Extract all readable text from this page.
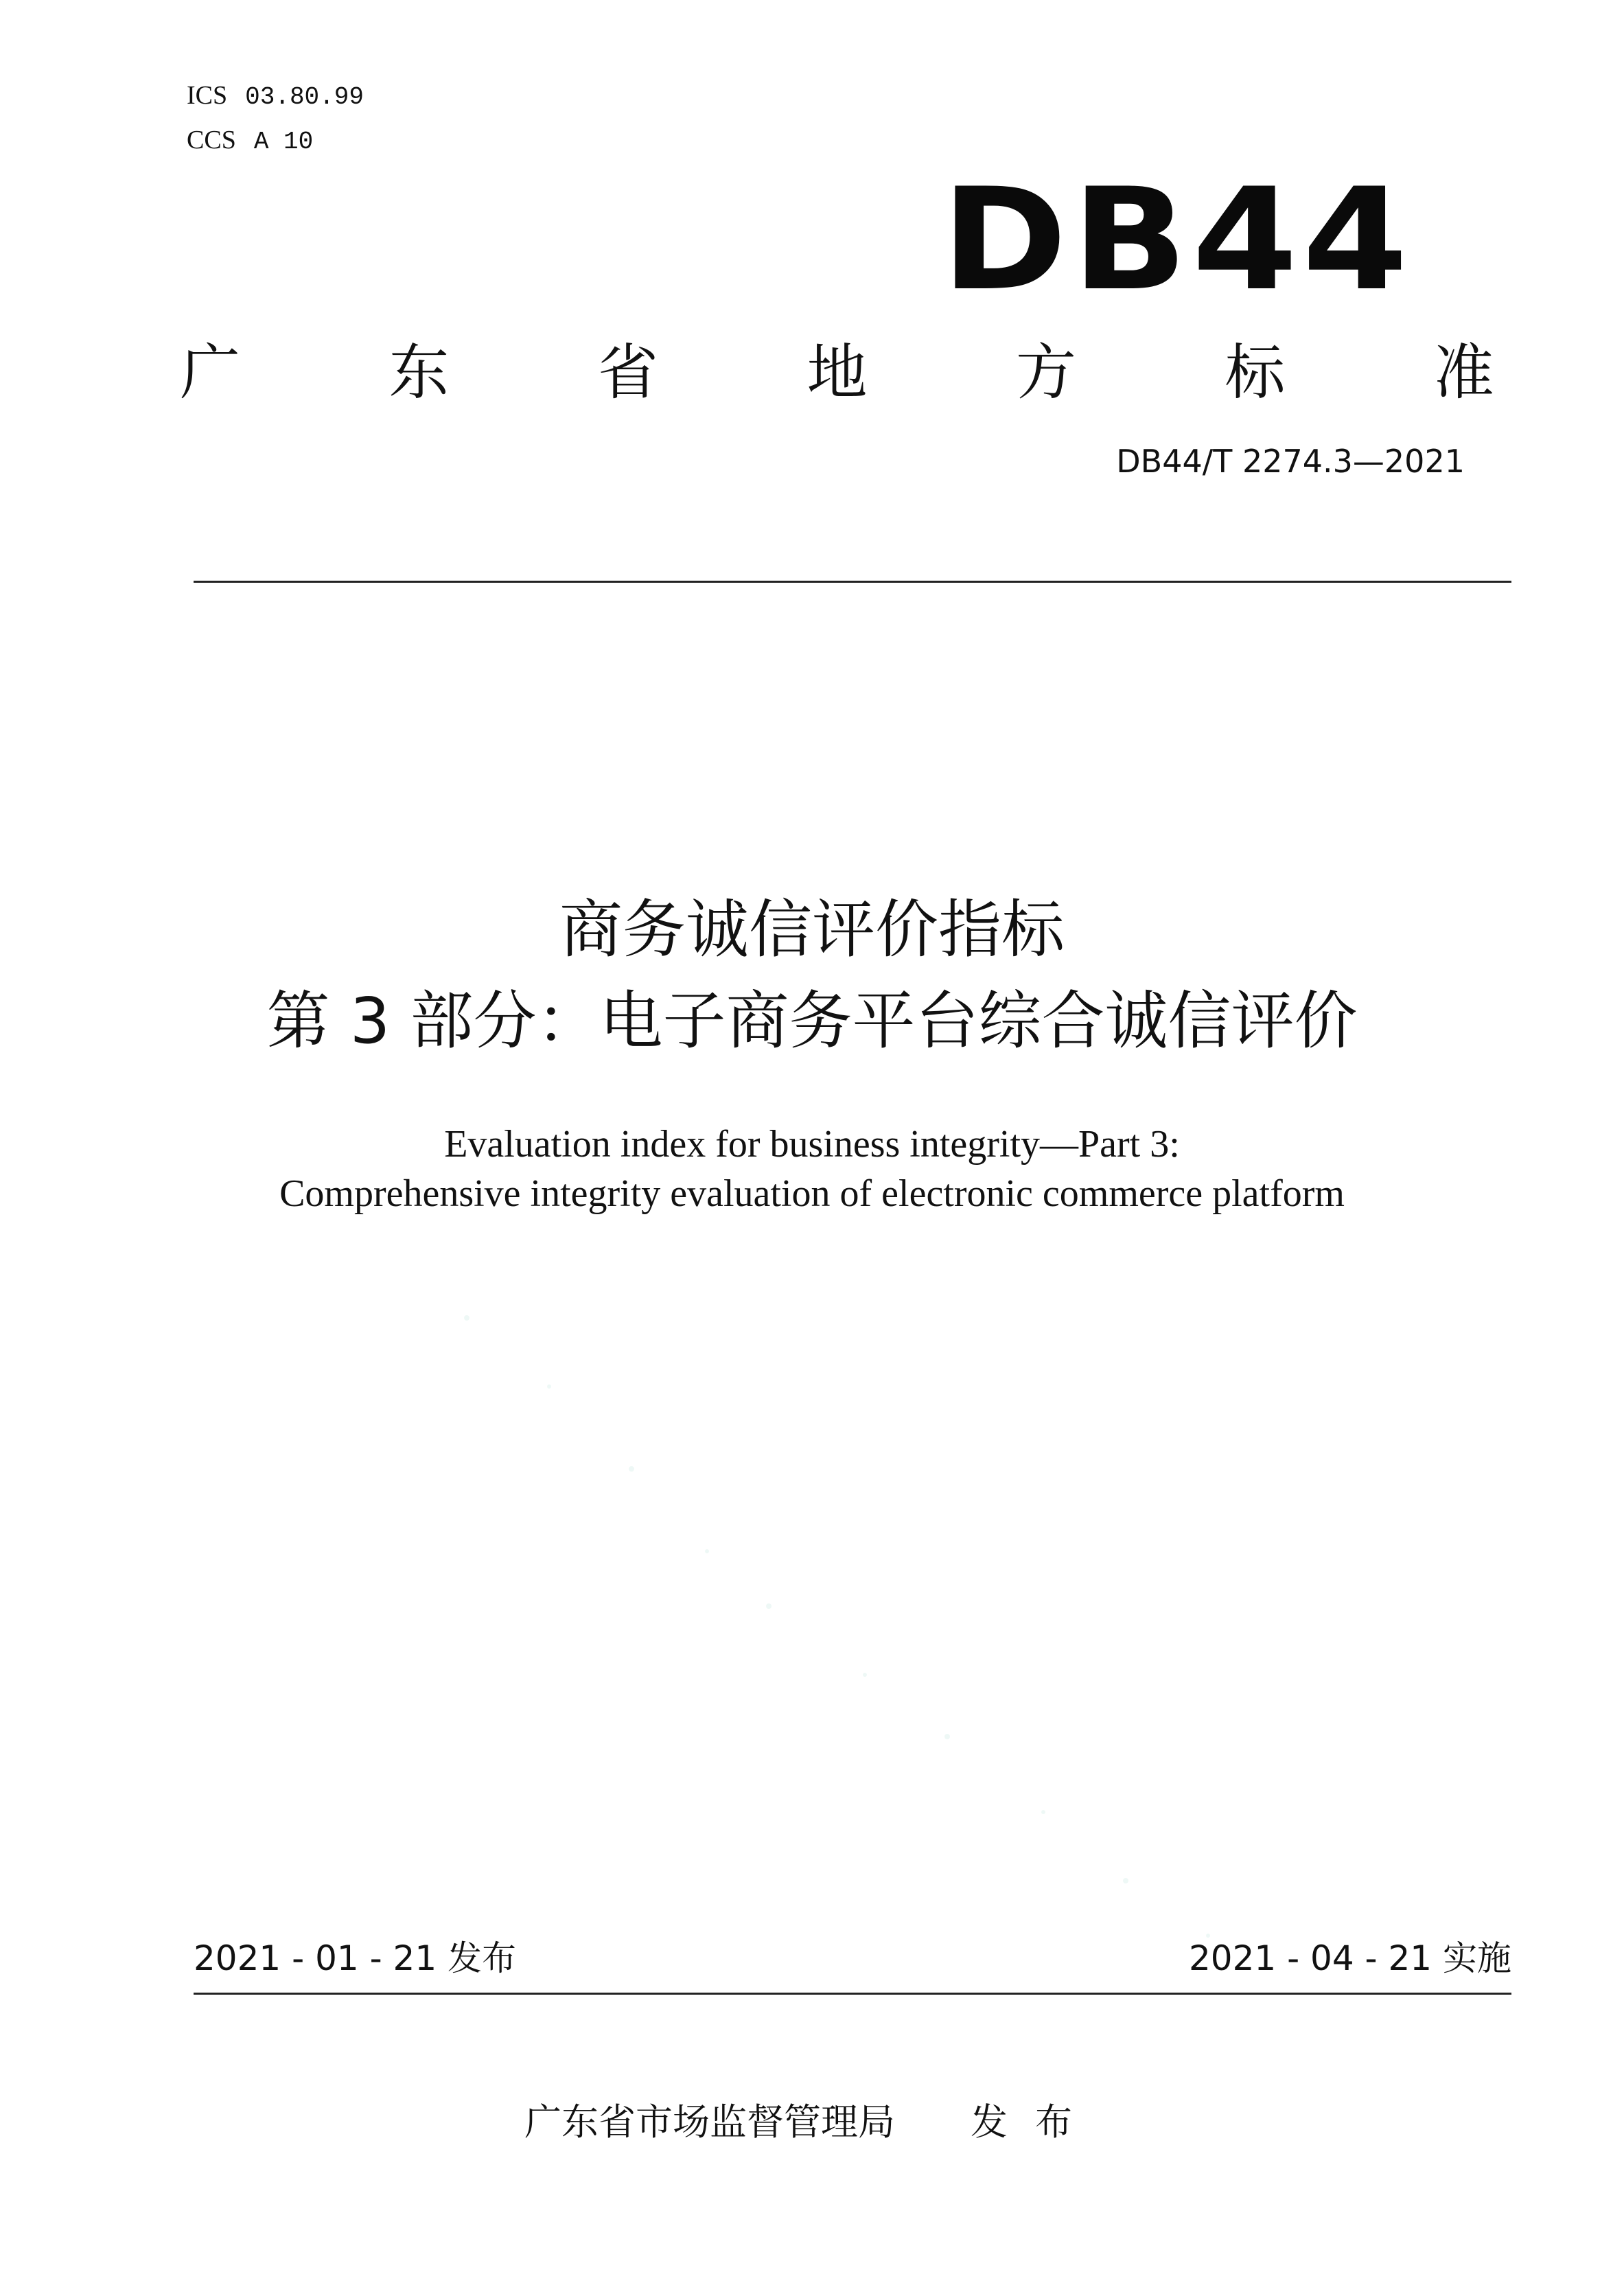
ICS 03.80.99
CCS A 10
DB44
广 东 省 地 方 标 准
DB44/T 2274.3—2021
商务诚信评价指标
第 3 部分：电子商务平台综合诚信评价
Evaluation index for business integrity—Part 3:
Comprehensive integrity evaluation of electronic commerce platform
2021 - 01 - 21 发布	2021 - 04 - 21 实施
广东省市场监督管理局 发布
